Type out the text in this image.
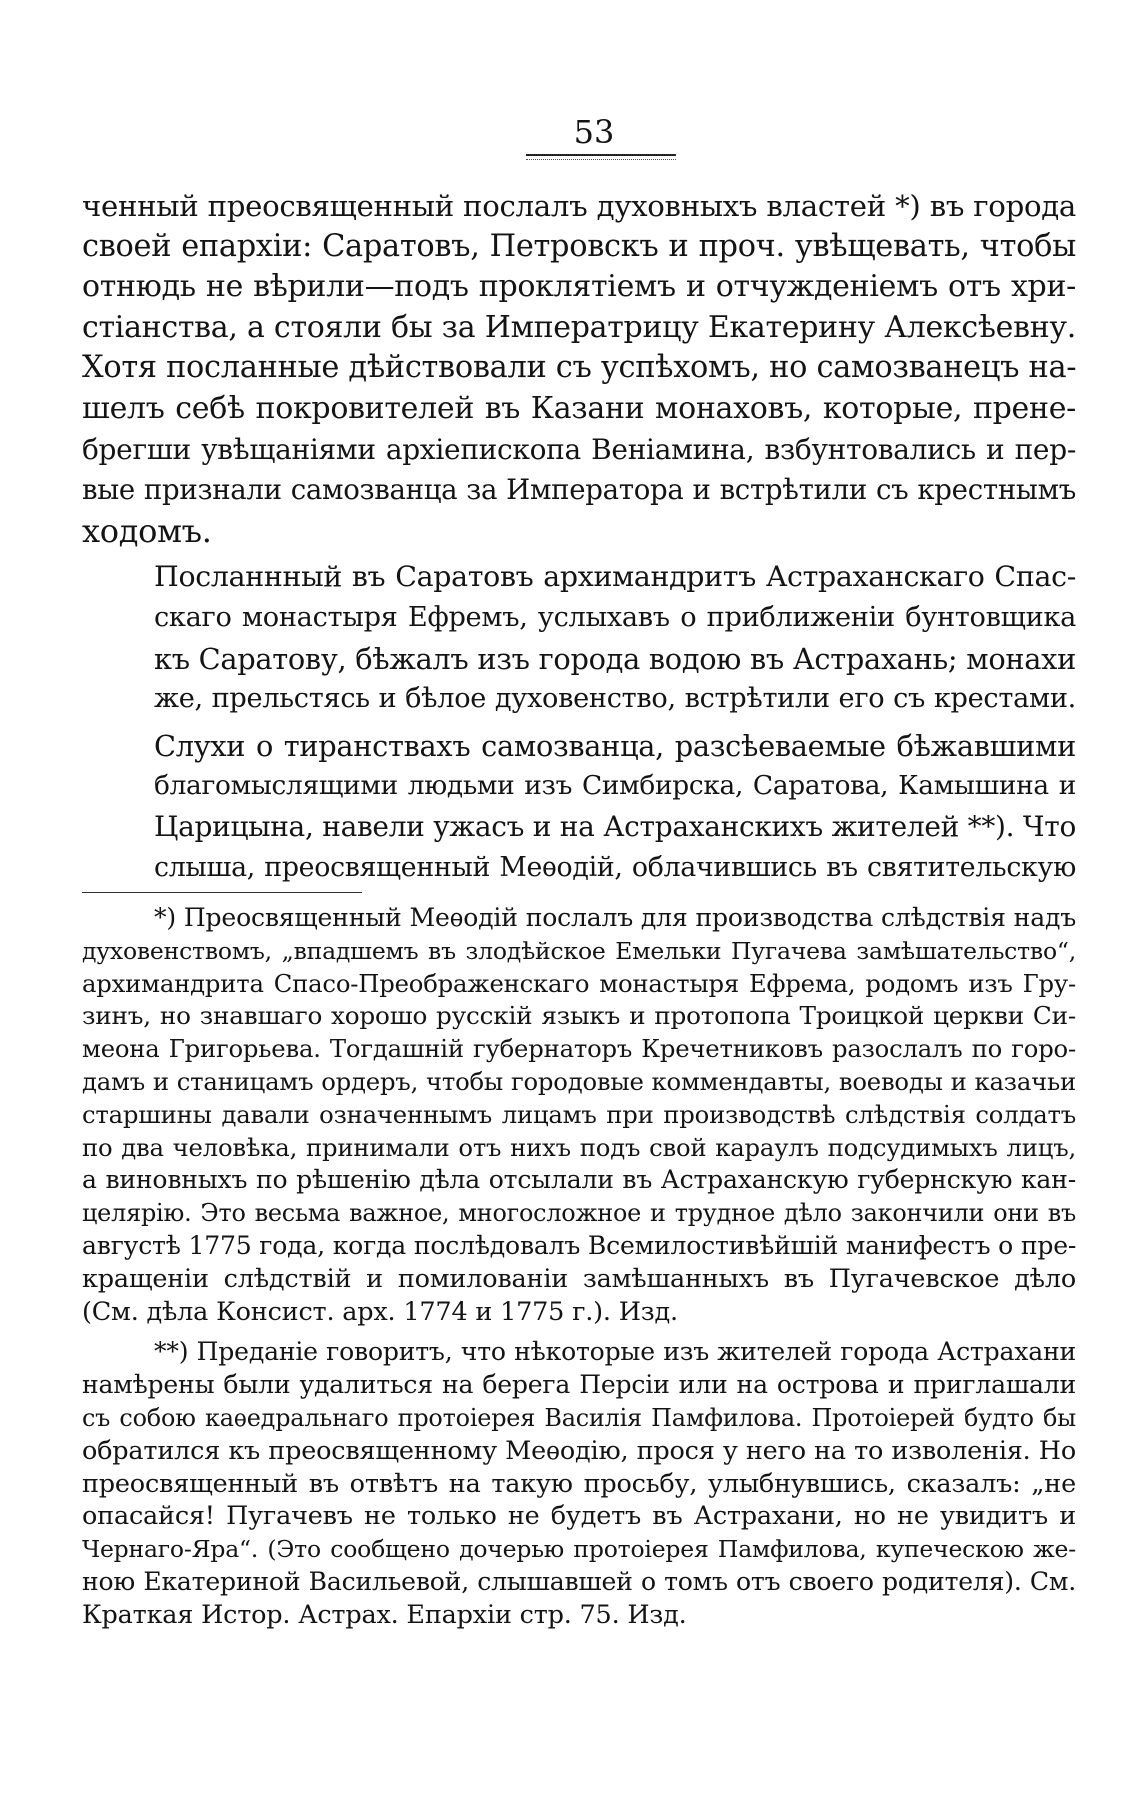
53

ченный преосвященный послалъ духовныхъ властей *) въ города
своей епархіи: Саратовъ, Петровскъ и проч. увѣщевать, чтобы
отнюдь не вѣрили—подъ проклятіемъ и отчужденіемъ отъ хри-
стіанства, а стояли бы за Императрицу Екатерину Алексѣевну.
Хотя посланные дѣйствовали съ успѣхомъ, но самозванецъ на-
шелъ себѣ покровителей въ Казани монаховъ, которые, прене-
брегши увѣщаніями архіепископа Веніамина, взбунтовались и пер-
вые признали самозванца за Императора и встрѣтили съ крестнымъ
ходомъ.

Посланнный въ Саратовъ архимандритъ Астраханскаго Спас-
скаго монастыря Ефремъ, услыхавъ о приближеніи бунтовщика
къ Саратову, бѣжалъ изъ города водою въ Астрахань; монахи
же, прельстясь и бѣлое духовенство, встрѣтили его съ крестами.

Слухи о тиранствахъ самозванца, разсѣеваемые бѣжавшими
благомыслящими людьми изъ Симбирска, Саратова, Камышина и
Царицына, навели ужасъ и на Астраханскихъ жителей **). Что
слыша, преосвященный Меѳодій, облачившись въ святительскую

*) Преосвященный Меѳодій послалъ для производства слѣдствія надъ
духовенствомъ, „впадшемъ въ злодѣйское Емельки Пугачева замѣшательство“,
архимандрита Спасо-Преображенскаго монастыря Ефрема, родомъ изъ Гру-
зинъ, но знавшаго хорошо русскій языкъ и протопопа Троицкой церкви Си-
меона Григорьева. Тогдашній губернаторъ Кречетниковъ разослалъ по горо-
дамъ и станицамъ ордеръ, чтобы городовые коммендавты, воеводы и казачьи
старшины давали означеннымъ лицамъ при производствѣ слѣдствія солдатъ
по два человѣка, принимали отъ нихъ подъ свой караулъ подсудимыхъ лицъ,
а виновныхъ по рѣшенію дѣла отсылали въ Астраханскую губернскую кан-
целярію. Это весьма важное, многосложное и трудное дѣло закончили они въ
августѣ 1775 года, когда послѣдовалъ Всемилостивѣйшій манифестъ о пре-
кращеніи слѣдствій и помилованіи замѣшанныхъ въ Пугачевское дѣло
(См. дѣла Консист. арх. 1774 и 1775 г.). Изд.
**) Преданіе говоритъ, что нѣкоторые изъ жителей города Астрахани
намѣрены были удалиться на берега Персіи или на острова и приглашали
съ собою каѳедральнаго протоіерея Василія Памфилова. Протоіерей будто бы
обратился къ преосвященному Меѳодію, прося у него на то изволенія. Но
преосвященный въ отвѣтъ на такую просьбу, улыбнувшись, сказалъ: „не
опасайся! Пугачевъ не только не будетъ въ Астрахани, но не увидитъ и
Чернаго-Яра“. (Это сообщено дочерью протоіерея Памфилова, купеческою же-
ною Екатериной Васильевой, слышавшей о томъ отъ своего родителя). См.
Краткая Истор. Астрах. Епархіи стр. 75. Изд.
